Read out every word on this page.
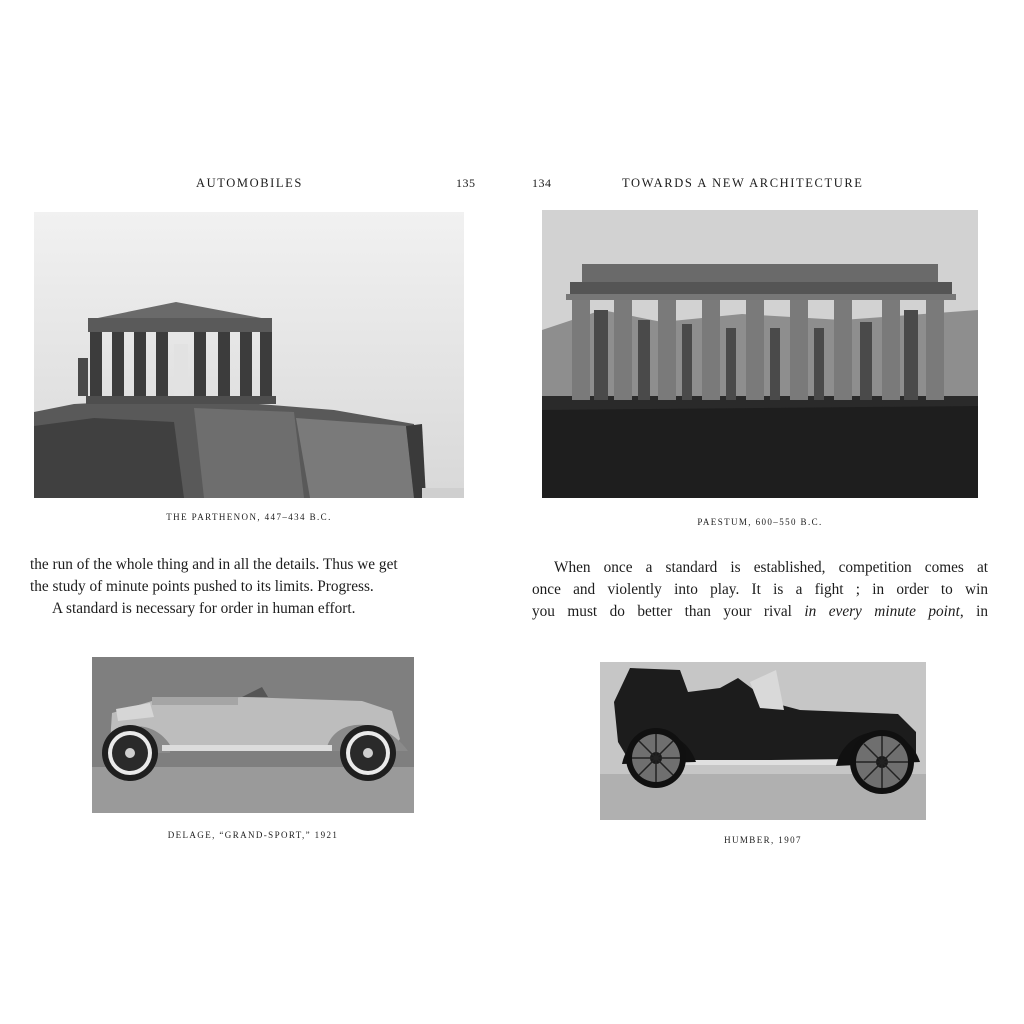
AUTOMOBILES	135
THE PARTHENON, 447–434 B.C.
the run of the whole thing and in all the details. Thus we get
the study of minute points pushed to its limits. Progress.
A standard is necessary for order in human effort.
DELAGE, “GRAND-SPORT,” 1921
134	TOWARDS A NEW ARCHITECTURE
PAESTUM, 600–550 B.C.
When once a standard is established, competition comes at
once and violently into play. It is a fight ; in order to win
you must do better than your rival in every minute point, in
HUMBER, 1907
